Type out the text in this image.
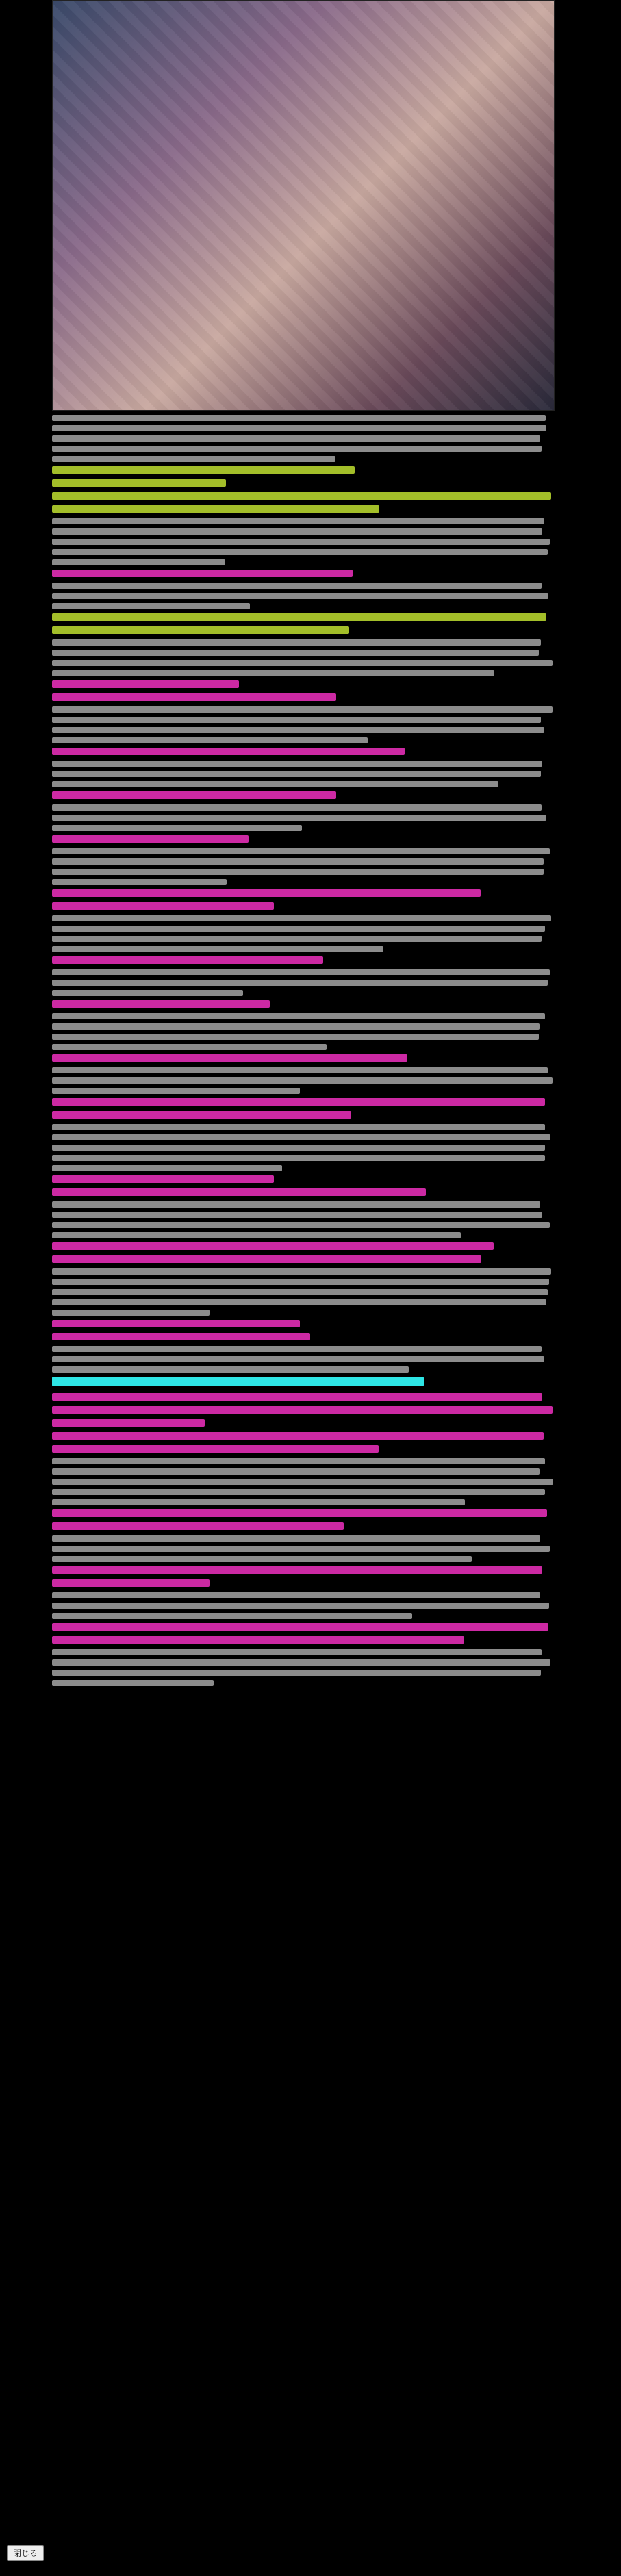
閉じる
